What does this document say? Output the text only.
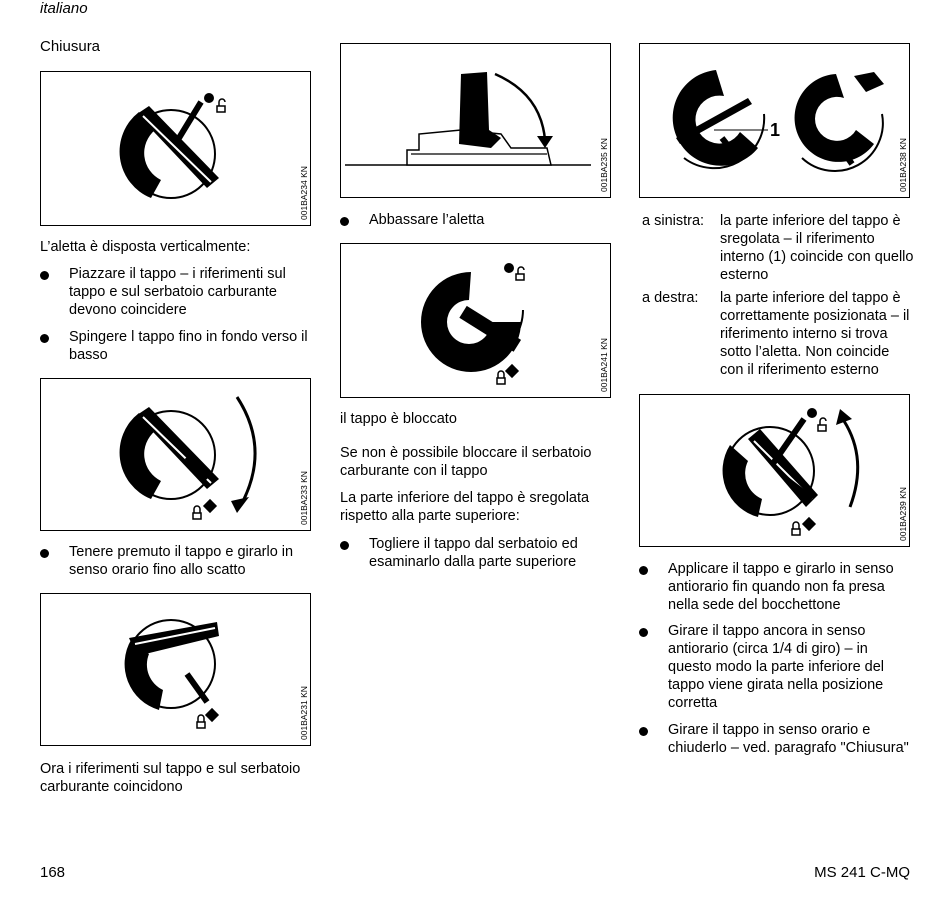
italiano
Chiusura
001BA234 KN
L’aletta è disposta verticalmente:
Piazzare il tappo – i riferimenti sul tappo e sul serbatoio carburante devono coincidere
Spingere l tappo fino in fondo verso il basso
001BA233 KN
Tenere premuto il tappo e girarlo in senso orario fino allo scatto
001BA231 KN
Ora i riferimenti sul tappo e sul serbatoio carburante coincidono
001BA235 KN
Abbassare l’aletta
001BA241 KN
il tappo è bloccato
Se non è possibile bloccare il serbatoio carburante con il tappo
La parte inferiore del tappo è sregolata rispetto alla parte superiore:
Togliere il tappo dal serbatoio ed esaminarlo dalla parte superiore
1
001BA238 KN
a sinistra: la parte inferiore del tappo è sregolata – il riferimento interno (1) coincide con quello esterno
a destra: la parte inferiore del tappo è correttamente posizionata – il riferimento interno si trova sotto l’aletta. Non coincide con il riferimento esterno
001BA239 KN
Applicare il tappo e girarlo in senso antiorario fin quando non fa presa nella sede del bocchettone
Girare il tappo ancora in senso antiorario (circa 1/4 di giro) – in questo modo la parte inferiore del tappo viene girata nella posizione corretta
Girare il tappo in senso orario e chiuderlo – ved. paragrafo "Chiusura"
168	MS 241 C-MQ
